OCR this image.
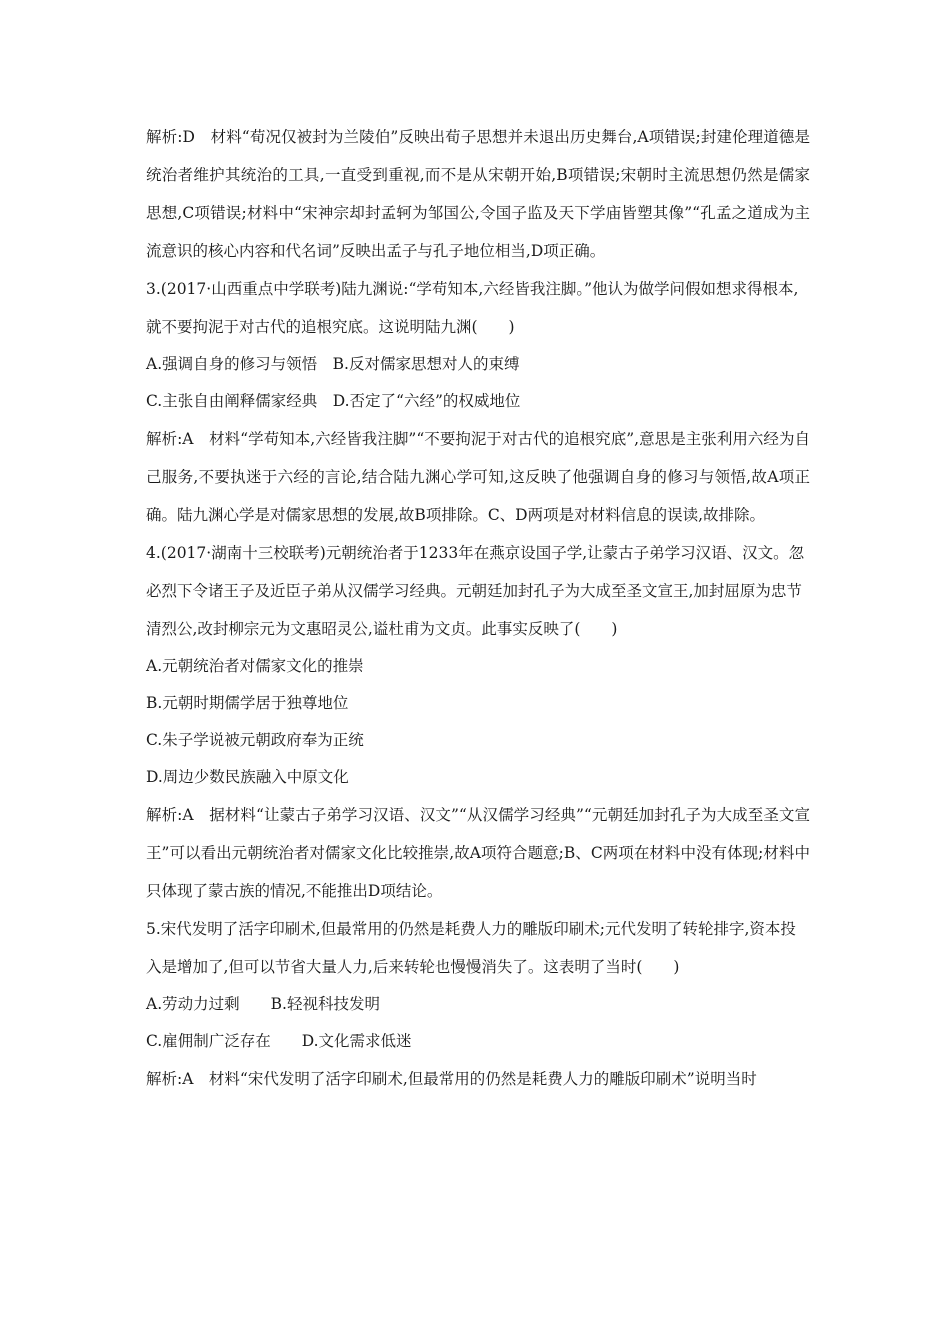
解析:D　材料“荀况仅被封为兰陵伯”反映出荀子思想并未退出历史舞台,A项错误;封建伦理道德是统治者维护其统治的工具,一直受到重视,而不是从宋朝开始,B项错误;宋朝时主流思想仍然是儒家思想,C项错误;材料中“宋神宗却封孟轲为邹国公,令国子监及天下学庙皆塑其像”“孔孟之道成为主流意识的核心内容和代名词”反映出孟子与孔子地位相当,D项正确。

3.(2017·山西重点中学联考)陆九渊说:“学苟知本,六经皆我注脚。”他认为做学问假如想求得根本,就不要拘泥于对古代的追根究底。这说明陆九渊(　　)

A.强调自身的修习与领悟　B.反对儒家思想对人的束缚

C.主张自由阐释儒家经典　D.否定了“六经”的权威地位

解析:A　材料“学苟知本,六经皆我注脚”“不要拘泥于对古代的追根究底”,意思是主张利用六经为自己服务,不要执迷于六经的言论,结合陆九渊心学可知,这反映了他强调自身的修习与领悟,故A项正确。陆九渊心学是对儒家思想的发展,故B项排除。C、D两项是对材料信息的误读,故排除。

4.(2017·湖南十三校联考)元朝统治者于1233年在燕京设国子学,让蒙古子弟学习汉语、汉文。忽必烈下令诸王子及近臣子弟从汉儒学习经典。元朝廷加封孔子为大成至圣文宣王,加封屈原为忠节清烈公,改封柳宗元为文惠昭灵公,谥杜甫为文贞。此事实反映了(　　)

A.元朝统治者对儒家文化的推崇

B.元朝时期儒学居于独尊地位

C.朱子学说被元朝政府奉为正统

D.周边少数民族融入中原文化

解析:A　据材料“让蒙古子弟学习汉语、汉文”“从汉儒学习经典”“元朝廷加封孔子为大成至圣文宣王”可以看出元朝统治者对儒家文化比较推崇,故A项符合题意;B、C两项在材料中没有体现;材料中只体现了蒙古族的情况,不能推出D项结论。

5.宋代发明了活字印刷术,但最常用的仍然是耗费人力的雕版印刷术;元代发明了转轮排字,资本投入是增加了,但可以节省大量人力,后来转轮也慢慢消失了。这表明了当时(　　)

A.劳动力过剩　　B.轻视科技发明

C.雇佣制广泛存在　　D.文化需求低迷

解析:A　材料“宋代发明了活字印刷术,但最常用的仍然是耗费人力的雕版印刷术”说明当时
